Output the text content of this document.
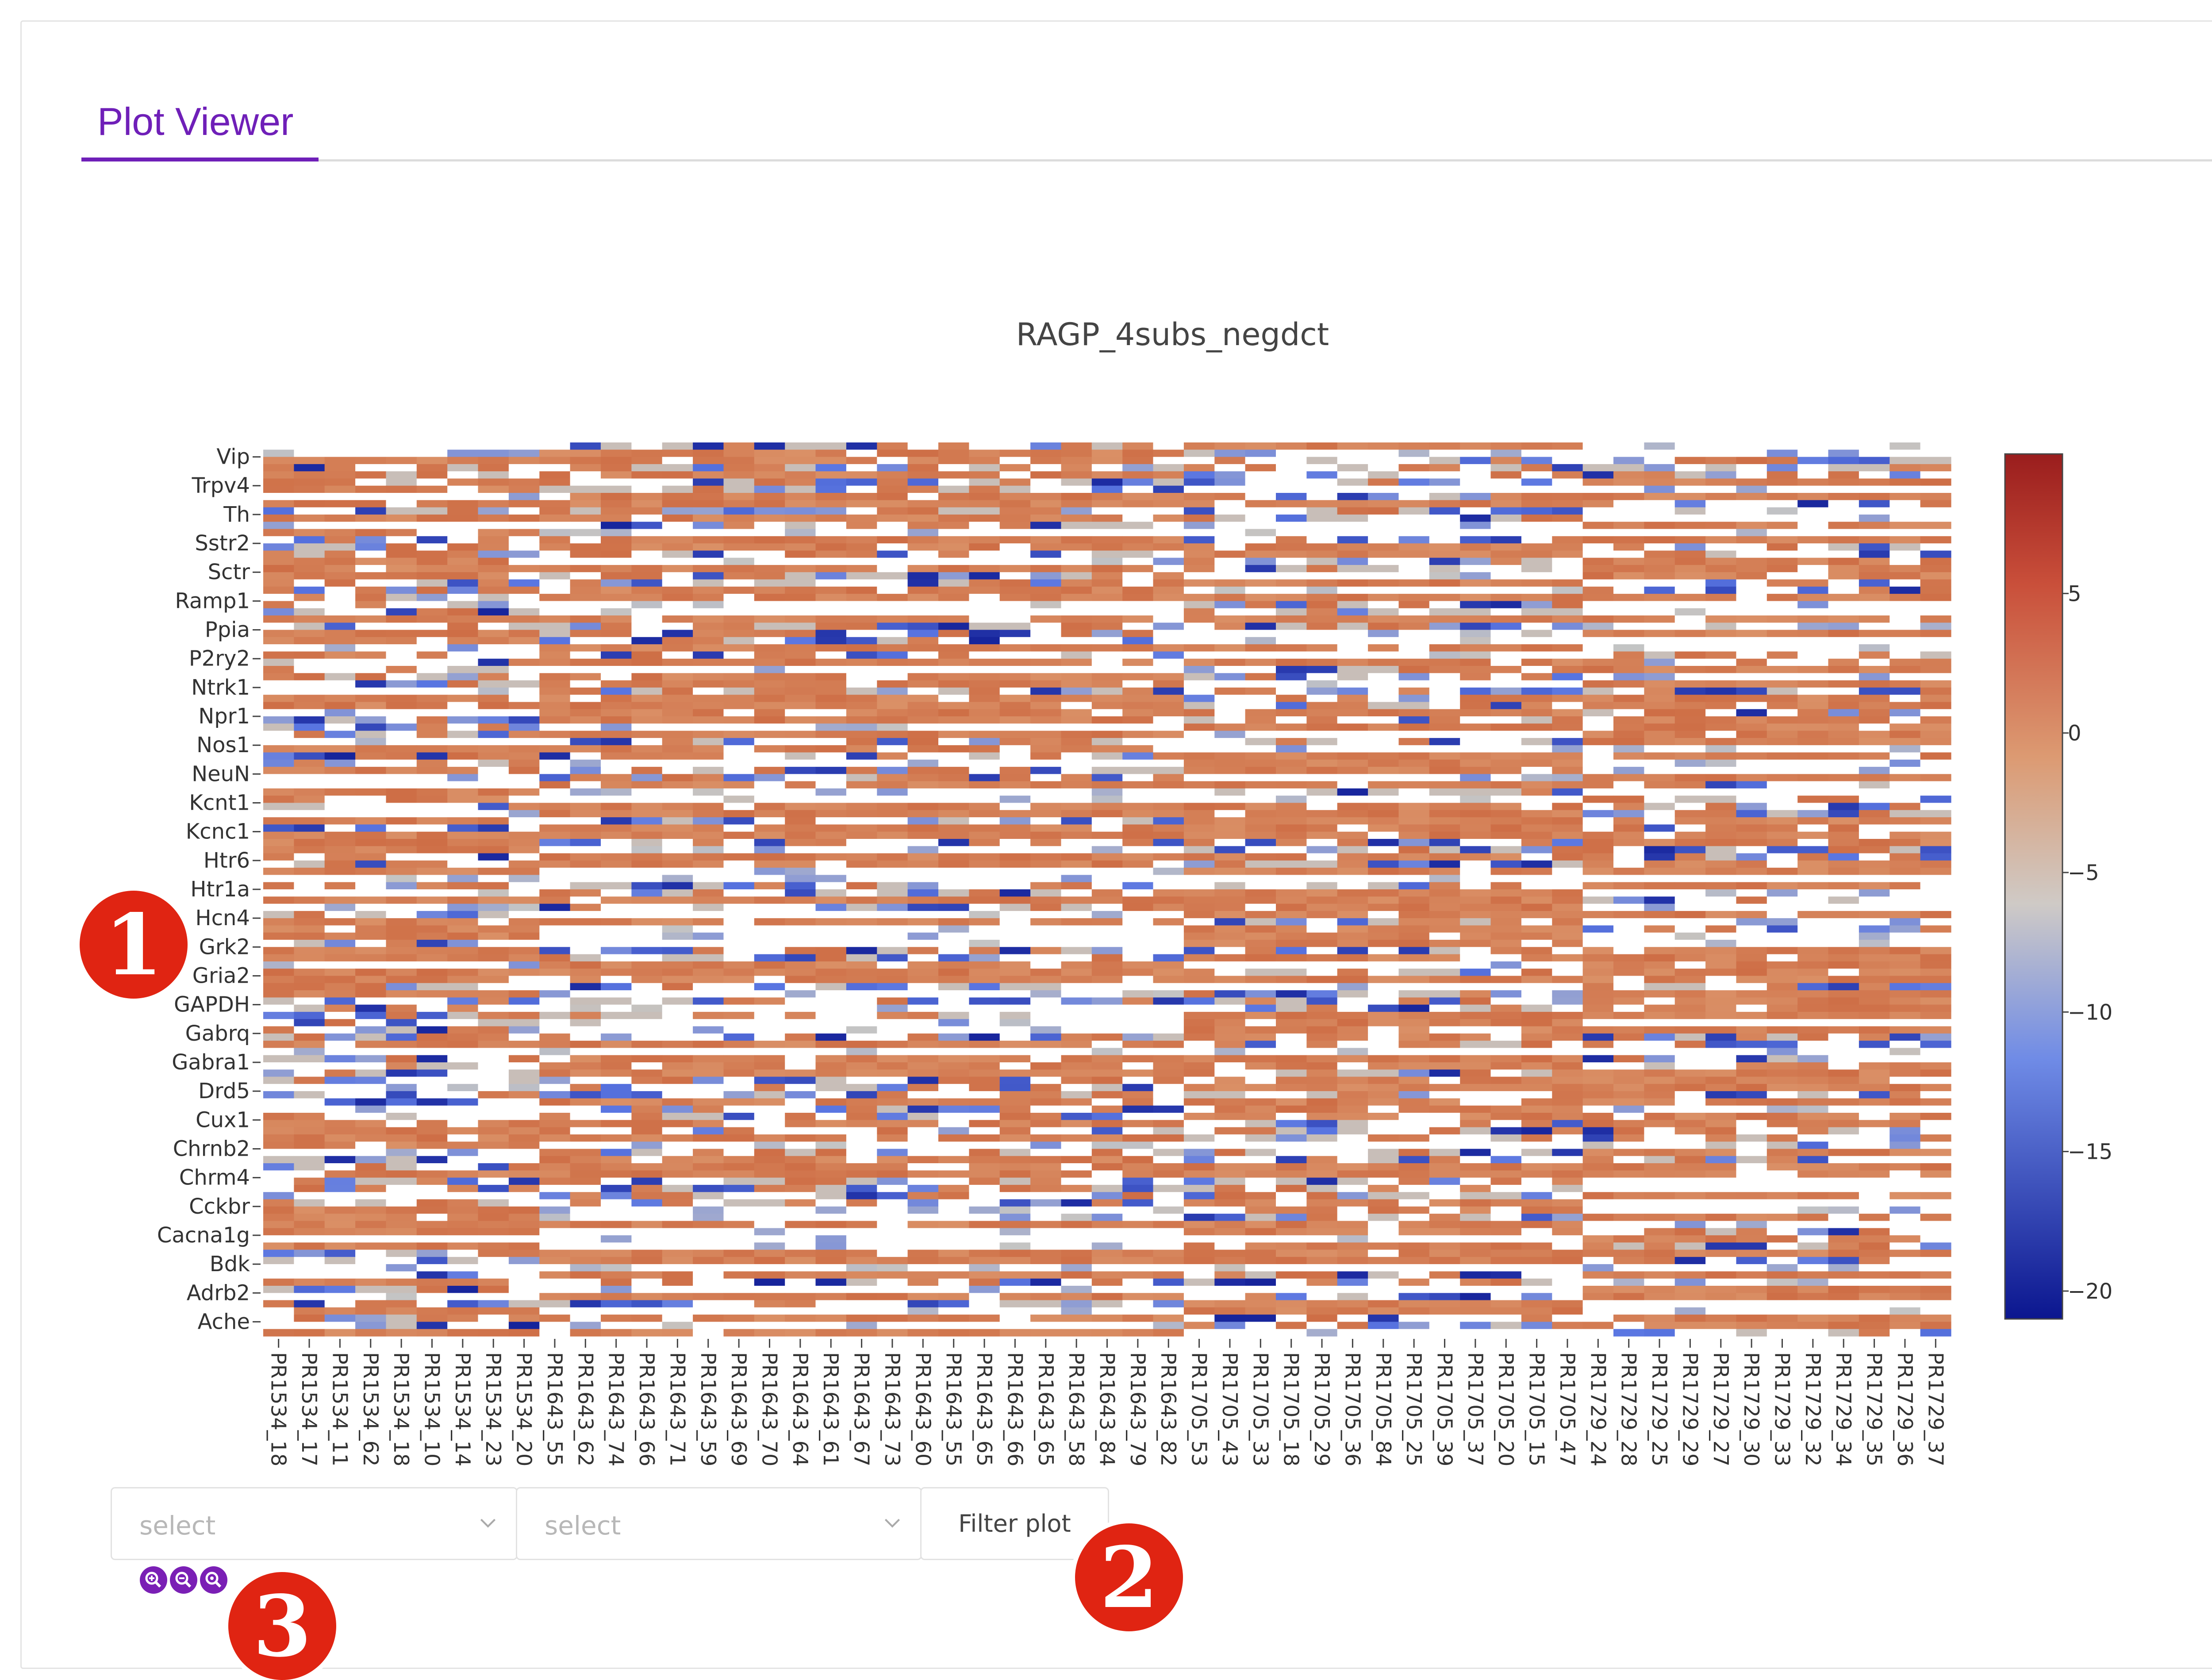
Plot Viewer
RAGP_4subs_negdct
Vip
Trpv4
Th
Sstr2
Sctr
Ramp1
Ppia
P2ry2
Ntrk1
Npr1
Nos1
NeuN
Kcnt1
Kcnc1
Htr6
Htr1a
Hcn4
Grk2
Gria2
GAPDH
Gabrq
Gabra1
Drd5
Cux1
Chrnb2
Chrm4
Cckbr
Cacna1g
Bdk
Adrb2
Ache
PR1534_18 PR1534_17 PR1534_11 PR1534_62 PR1534_18 PR1534_10 PR1534_14 PR1534_23 PR1534_20 PR1643_55 PR1643_62 PR1643_74 PR1643_66 PR1643_71 PR1643_59 PR1643_69 PR1643_70 PR1643_64 PR1643_61 PR1643_67 PR1643_73 PR1643_60 PR1643_55 PR1643_65 PR1643_66 PR1643_65 PR1643_58 PR1643_84 PR1643_79 PR1643_82 PR1705_53 PR1705_43 PR1705_33 PR1705_18 PR1705_29 PR1705_36 PR1705_84 PR1705_25 PR1705_39 PR1705_37 PR1705_20 PR1705_15 PR1705_47 PR1729_24 PR1729_28 PR1729_25 PR1729_29 PR1729_27 PR1729_30 PR1729_33 PR1729_32 PR1729_34 PR1729_35 PR1729_36 PR1729_37
5
0
−5
−10
−15
−20
select	select	Filter plot
1
2
3
